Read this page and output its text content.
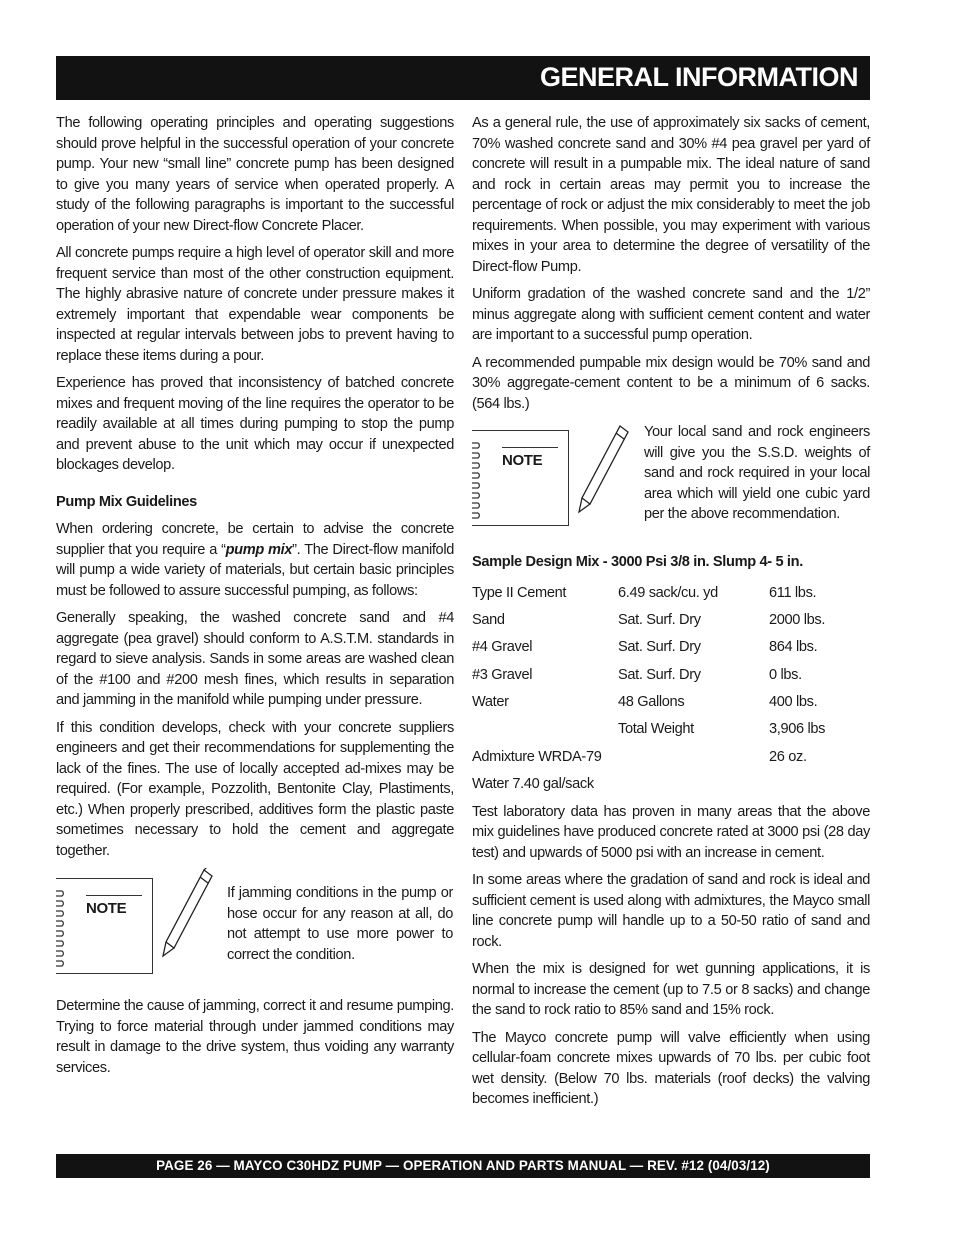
GENERAL INFORMATION

The following operating principles and operating suggestions should prove helpful in the successful operation of your concrete pump. Your new “small line” concrete pump has been designed to give you many years of service when operated properly. A study of the following paragraphs is important to the successful operation of your new Direct-flow Concrete Placer.

All concrete pumps require a high level of operator skill and more frequent service than most of the other construction equipment. The highly abrasive nature of concrete under pressure makes it extremely important that expendable wear components be inspected at regular intervals between jobs to prevent having to replace these items during a pour.

Experience has proved that inconsistency of batched concrete mixes and frequent moving of the line requires the operator to be readily available at all times during pumping to stop the pump and prevent abuse to the unit which may occur if unexpected blockages develop.

Pump Mix Guidelines

When ordering concrete, be certain to advise the concrete supplier that you require a “pump mix”. The Direct-flow manifold will pump a wide variety of materials, but certain basic principles must be followed to assure successful pumping, as follows:

Generally speaking, the washed concrete sand and #4 aggregate (pea gravel) should conform to A.S.T.M. standards in regard to sieve analysis. Sands in some areas are washed clean of the #100 and #200 mesh fines, which results in separation and jamming in the manifold while pumping under pressure.

If this condition develops, check with your concrete suppliers engineers and get their recommendations for supplementing the lack of the fines. The use of locally accepted ad-mixes may be required. (For example, Pozzolith, Bentonite Clay, Plastiments, etc.) When properly prescribed, additives form the plastic paste sometimes necessary to hold the cement and aggregate together.

NOTE
If jamming conditions in the pump or hose occur for any reason at all, do not attempt to use more power to correct the condition.

Determine the cause of jamming, correct it and resume pumping. Trying to force material through under jammed conditions may result in damage to the drive system, thus voiding any warranty services.

As a general rule, the use of approximately six sacks of cement, 70% washed concrete sand and 30% #4 pea gravel per yard of concrete will result in a pumpable mix. The ideal nature of sand and rock in certain areas may permit you to increase the percentage of rock or adjust the mix considerably to meet the job requirements. When possible, you may experiment with various mixes in your area to determine the degree of versatility of the Direct-flow Pump.

Uniform gradation of the washed concrete sand and the 1/2” minus aggregate along with sufficient cement content and water are important to a successful pump operation.

A recommended pumpable mix design would be 70% sand and 30% aggregate-cement content to be a minimum of 6 sacks. (564 lbs.)

NOTE
Your local sand and rock engineers will give you the S.S.D. weights of sand and rock required in your local area which will yield one cubic yard per the above recommendation.
Sample Design Mix - 3000 Psi 3/8 in. Slump 4- 5 in.
Type II Cement	6.49 sack/cu. yd	611 lbs.
Sand	Sat. Surf. Dry	2000 lbs.
#4 Gravel	Sat. Surf. Dry	864 lbs.
#3 Gravel	Sat. Surf. Dry	0 lbs.
Water	48 Gallons	400 lbs.
	Total Weight	3,906 lbs
Admixture WRDA-79		26 oz.
Water 7.40 gal/sack		

Test laboratory data has proven in many areas that the above mix guidelines have produced concrete rated at 3000 psi (28 day test) and upwards of 5000 psi with an increase in cement.

In some areas where the gradation of sand and rock is ideal and sufficient cement is used along with admixtures, the Mayco small line concrete pump will handle up to a 50-50 ratio of sand and rock.

When the mix is designed for wet gunning applications, it is normal to increase the cement (up to 7.5 or 8 sacks) and change the sand to rock ratio to 85% sand and 15% rock.

The Mayco concrete pump will valve efficiently when using cellular-foam concrete mixes upwards of 70 lbs. per cubic foot wet density. (Below 70 lbs. materials (roof decks) the valving becomes inefficient.)

PAGE 26 — MAYCO C30HDZ PUMP — OPERATION AND PARTS MANUAL — REV. #12 (04/03/12)
